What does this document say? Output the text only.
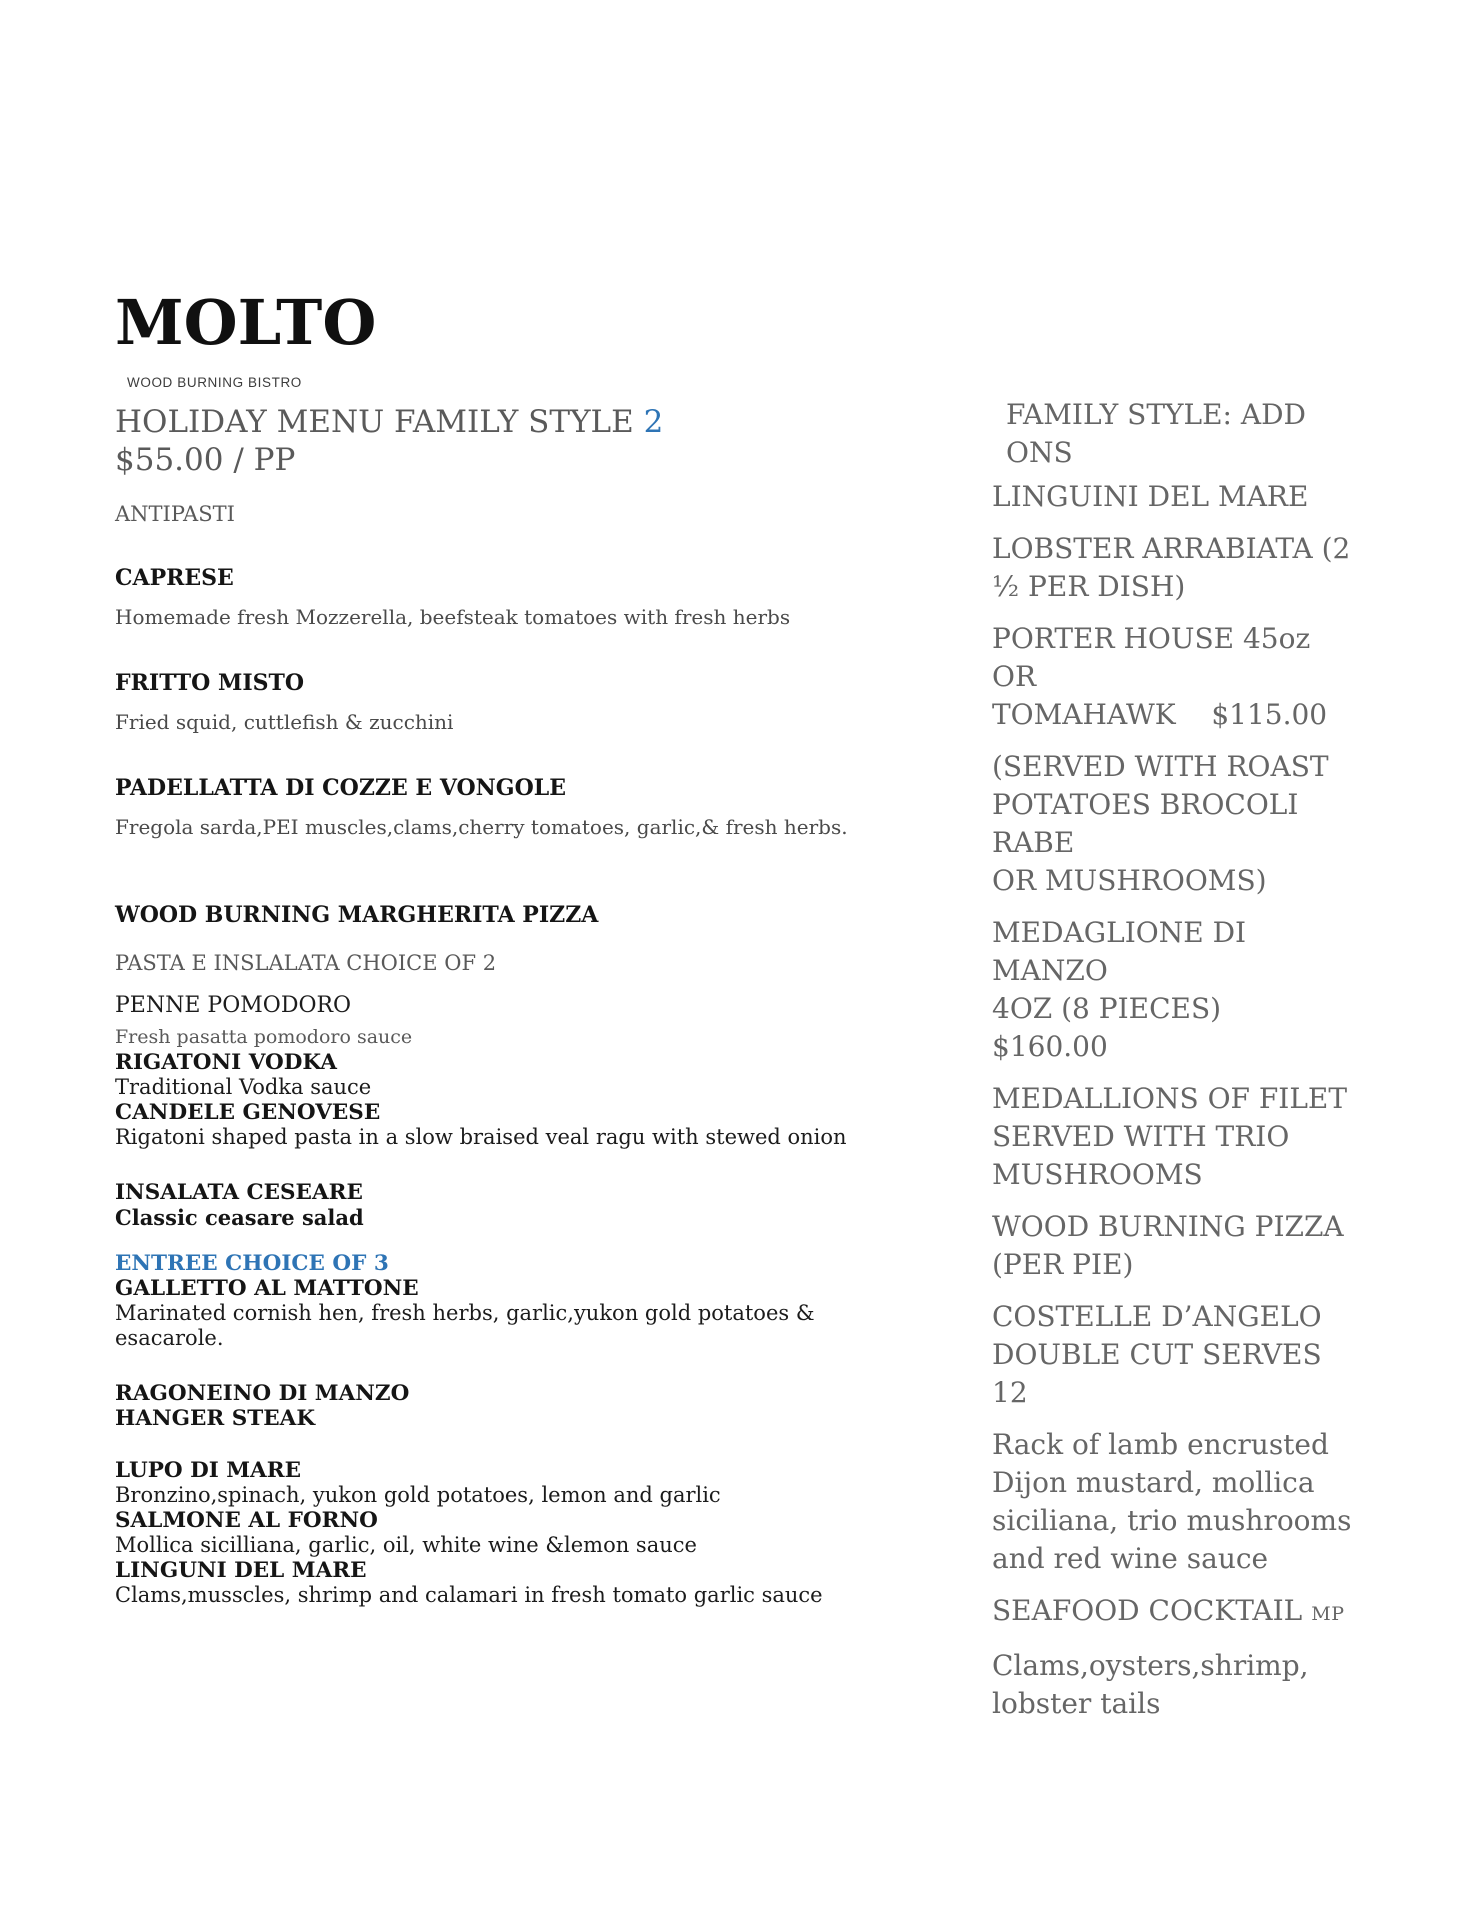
MOLTO
WOOD BURNING BISTRO
HOLIDAY MENU FAMILY STYLE 2
$55.00 / PP
ANTIPASTI
CAPRESE
Homemade fresh Mozzerella, beefsteak tomatoes with fresh herbs
FRITTO MISTO
Fried squid, cuttlefish & zucchini
PADELLATTA DI COZZE E VONGOLE
Fregola sarda,PEI muscles,clams,cherry tomatoes, garlic,& fresh herbs.
WOOD BURNING MARGHERITA PIZZA
PASTA E INSLALATA CHOICE OF 2
PENNE POMODORO
Fresh pasatta pomodoro sauce
RIGATONI VODKA
Traditional Vodka sauce
CANDELE GENOVESE
Rigatoni shaped pasta in a slow braised veal ragu with stewed onion
INSALATA CESEARE
Classic ceasare salad
ENTREE CHOICE OF 3
GALLETTO AL MATTONE
Marinated cornish hen, fresh herbs, garlic,yukon gold potatoes & esacarole.
RAGONEINO DI MANZO
HANGER STEAK
LUPO DI MARE
Bronzino,spinach, yukon gold potatoes, lemon and garlic
SALMONE AL FORNO
Mollica sicilliana, garlic, oil, white wine &lemon sauce
LINGUNI DEL MARE
Clams,musscles, shrimp and calamari in fresh tomato garlic sauce
FAMILY STYLE: ADD ONS

LINGUINI DEL MARE

LOBSTER ARRABIATA (2
½ PER DISH)

PORTER HOUSE 45oz OR
TOMAHAWK    $115.00

(SERVED WITH ROAST
POTATOES BROCOLI RABE
OR MUSHROOMS)

MEDAGLIONE DI MANZO
4OZ (8 PIECES)   $160.00

MEDALLIONS OF FILET
SERVED WITH TRIO
MUSHROOMS

WOOD BURNING PIZZA
(PER PIE)

COSTELLE D’ANGELO
DOUBLE CUT SERVES 12

Rack of lamb encrusted
Dijon mustard, mollica
siciliana, trio mushrooms
and red wine sauce

SEAFOOD COCKTAIL MP

Clams,oysters,shrimp,
lobster tails
